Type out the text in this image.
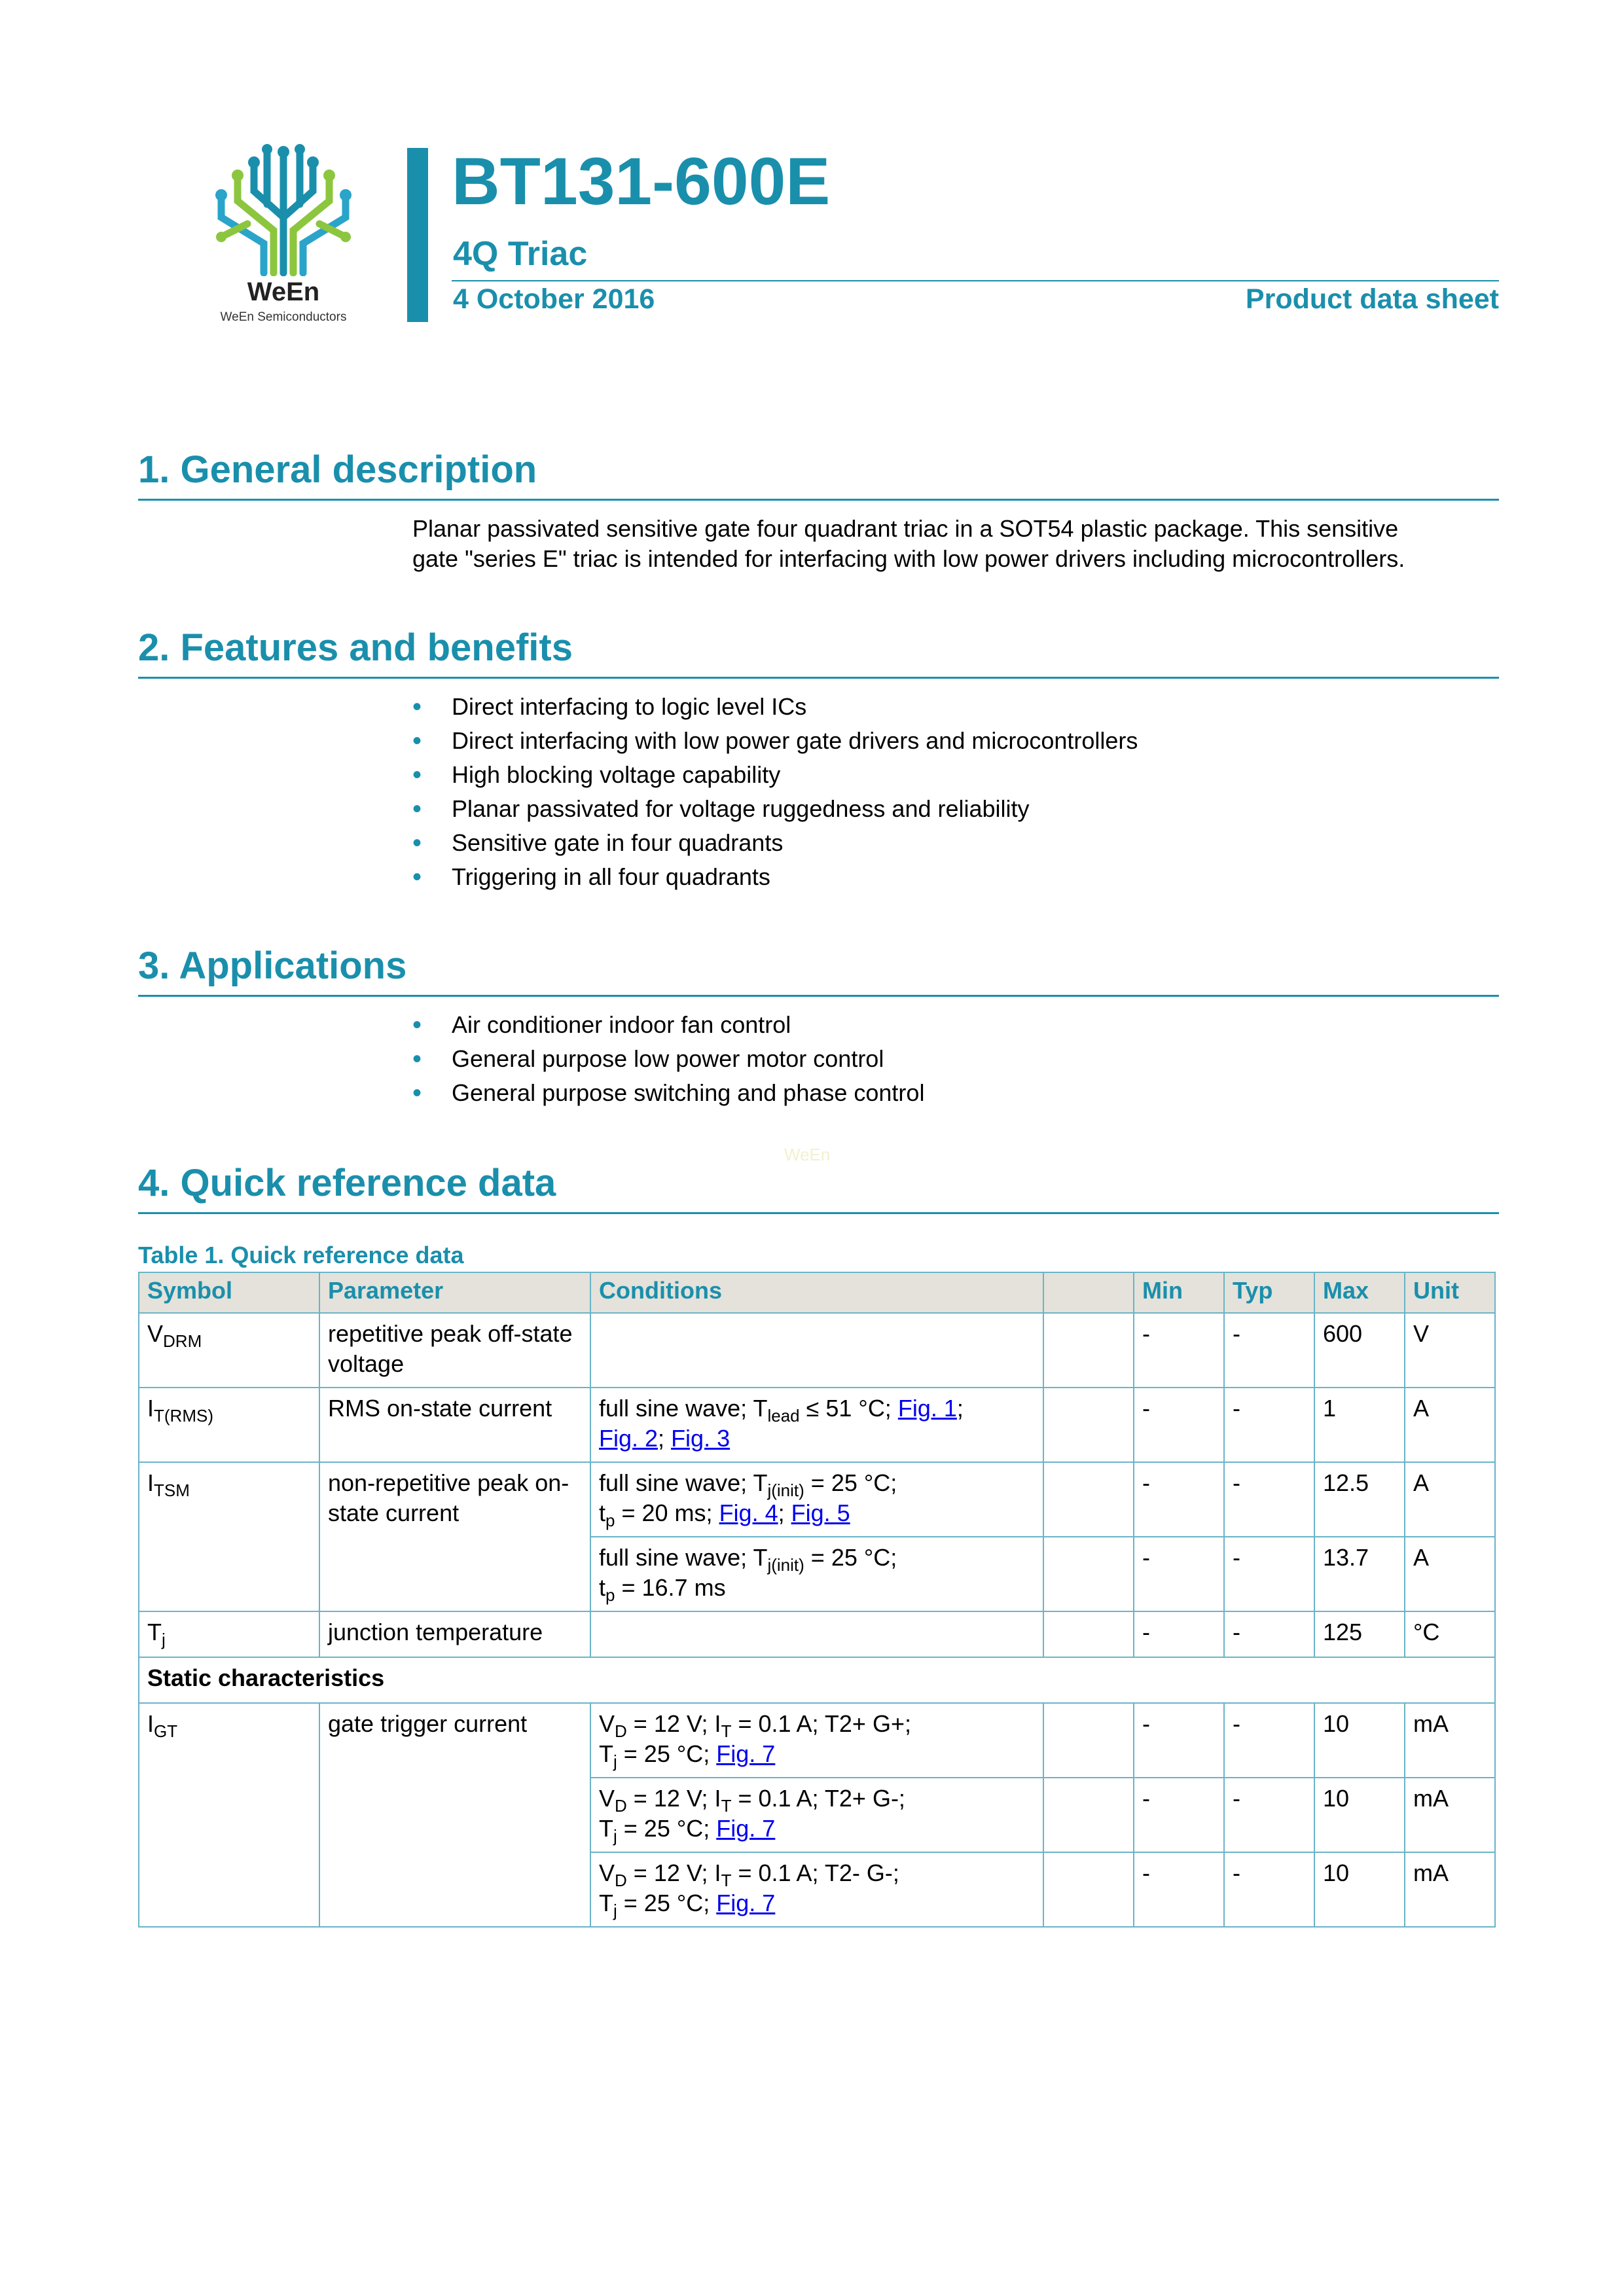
WeEn
WeEn Semiconductors
BT131-600E
4Q Triac
4 October 2016	Product data sheet
1. General description
Planar passivated sensitive gate four quadrant triac in a SOT54 plastic package. This sensitive
gate "series E" triac is intended for interfacing with low power drivers including microcontrollers.
2. Features and benefits
• Direct interfacing to logic level ICs
• Direct interfacing with low power gate drivers and microcontrollers
• High blocking voltage capability
• Planar passivated for voltage ruggedness and reliability
• Sensitive gate in four quadrants
• Triggering in all four quadrants
3. Applications
• Air conditioner indoor fan control
• General purpose low power motor control
• General purpose switching and phase control
WeEn
4. Quick reference data
Table 1. Quick reference data
Symbol	Parameter	Conditions		Min	Typ	Max	Unit
$V_{DRM}$	repetitive peak off-state voltage			-	-	600	V
$I_{T(RMS)}$	RMS on-state current	full sine wave; $T_{lead} \le 51$ °C; Fig. 1;
Fig. 2; Fig. 3		-	-	1	A
$I_{TSM}$	non-repetitive peak on-state current	full sine wave; $T_{j(init)} = 25$ °C;
$t_p = 20$ ms; Fig. 4; Fig. 5		-	-	12.5	A
		full sine wave; $T_{j(init)} = 25$ °C;
$t_p = 16.7$ ms		-	-	13.7	A
$T_j$	junction temperature			-	-	125	°C
Static characteristics							
$I_{GT}$	gate trigger current	$V_D = 12$ V; $I_T = 0.1$ A; T2+ G+;
$T_j = 25$ °C; Fig. 7		-	-	10	mA
		$V_D = 12$ V; $I_T = 0.1$ A; T2+ G-;
$T_j = 25$ °C; Fig. 7		-	-	10	mA
		$V_D = 12$ V; $I_T = 0.1$ A; T2- G-;
$T_j = 25$ °C; Fig. 7		-	-	10	mA
